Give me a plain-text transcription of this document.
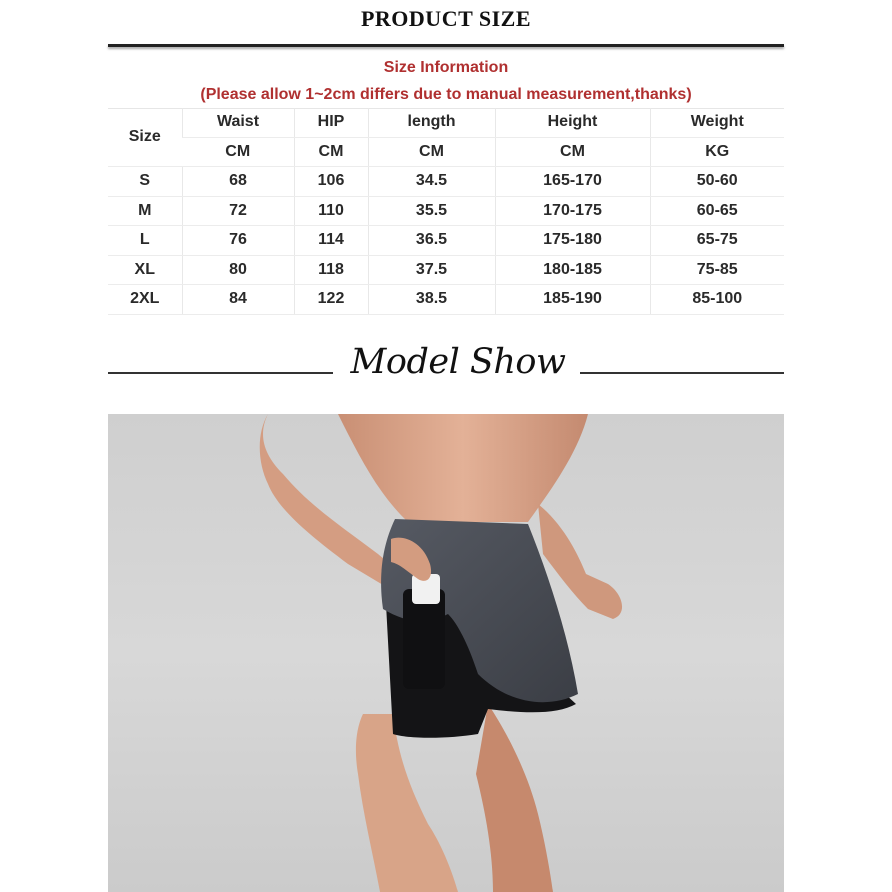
PRODUCT SIZE
Size Information
(Please allow 1~2cm differs due to manual measurement,thanks)
Size	Waist	HIP	length	Height	Weight
	CM	CM	CM	CM	KG
S	68	106	34.5	165-170	50-60
M	72	110	35.5	170-175	60-65
L	76	114	36.5	175-180	65-75
XL	80	118	37.5	180-185	75-85
2XL	84	122	38.5	185-190	85-100
Model Show
